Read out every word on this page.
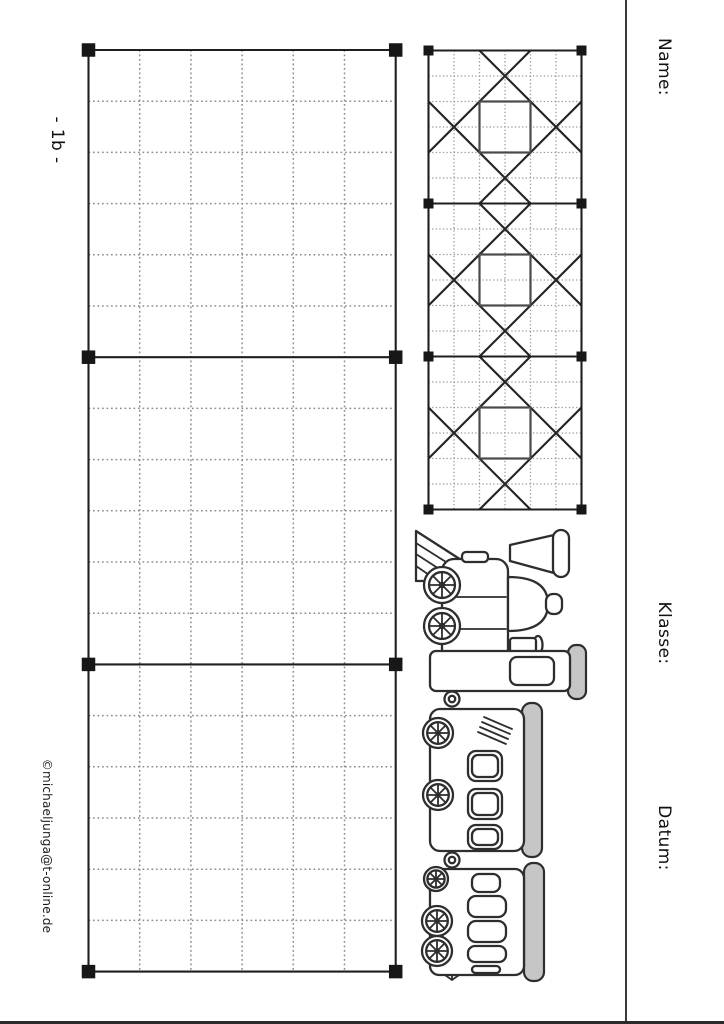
Name:
Klasse:
Datum:
- 1b -
©michaeljunga@t-online.de
